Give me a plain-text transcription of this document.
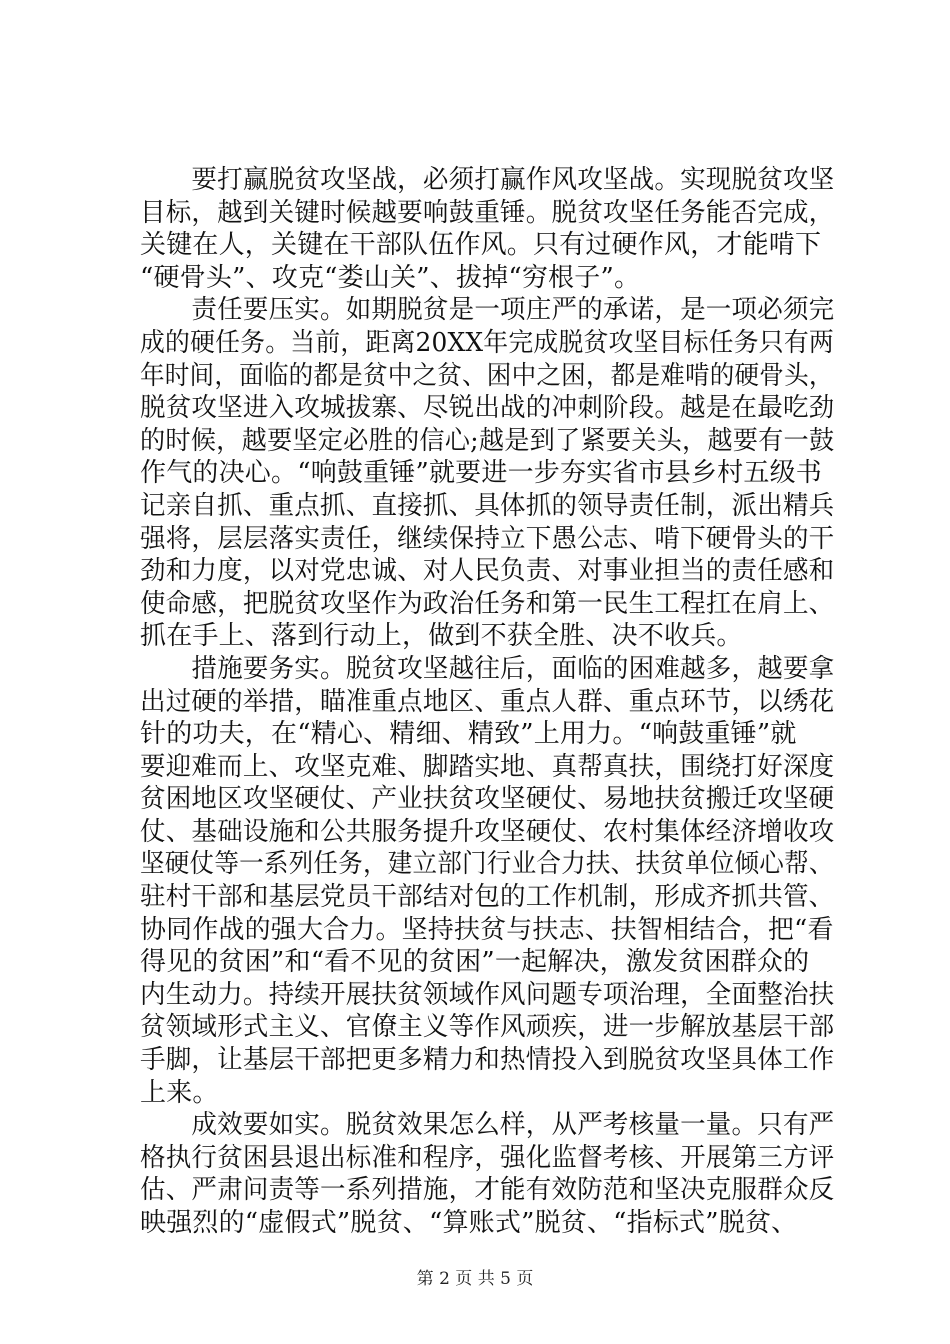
　　要打赢脱贫攻坚战，必须打赢作风攻坚战。实现脱贫攻坚
目标，越到关键时候越要响鼓重锤。脱贫攻坚任务能否完成，
关键在人，关键在干部队伍作风。只有过硬作风，才能啃下
“硬骨头”、攻克“娄山关”、拔掉“穷根子”。
　　责任要压实。如期脱贫是一项庄严的承诺，是一项必须完
成的硬任务。当前，距离20XX年完成脱贫攻坚目标任务只有两
年时间，面临的都是贫中之贫、困中之困，都是难啃的硬骨头，
脱贫攻坚进入攻城拔寨、尽锐出战的冲刺阶段。越是在最吃劲
的时候，越要坚定必胜的信心;越是到了紧要关头，越要有一鼓
作气的决心。“响鼓重锤”就要进一步夯实省市县乡村五级书
记亲自抓、重点抓、直接抓、具体抓的领导责任制，派出精兵
强将，层层落实责任，继续保持立下愚公志、啃下硬骨头的干
劲和力度，以对党忠诚、对人民负责、对事业担当的责任感和
使命感，把脱贫攻坚作为政治任务和第一民生工程扛在肩上、
抓在手上、落到行动上，做到不获全胜、决不收兵。
　　措施要务实。脱贫攻坚越往后，面临的困难越多，越要拿
出过硬的举措，瞄准重点地区、重点人群、重点环节，以绣花
针的功夫，在“精心、精细、精致”上用力。“响鼓重锤”就
要迎难而上、攻坚克难、脚踏实地、真帮真扶，围绕打好深度
贫困地区攻坚硬仗、产业扶贫攻坚硬仗、易地扶贫搬迁攻坚硬
仗、基础设施和公共服务提升攻坚硬仗、农村集体经济增收攻
坚硬仗等一系列任务，建立部门行业合力扶、扶贫单位倾心帮、
驻村干部和基层党员干部结对包的工作机制，形成齐抓共管、
协同作战的强大合力。坚持扶贫与扶志、扶智相结合，把“看
得见的贫困”和“看不见的贫困”一起解决，激发贫困群众的
内生动力。持续开展扶贫领域作风问题专项治理，全面整治扶
贫领域形式主义、官僚主义等作风顽疾，进一步解放基层干部
手脚，让基层干部把更多精力和热情投入到脱贫攻坚具体工作
上来。
　　成效要如实。脱贫效果怎么样，从严考核量一量。只有严
格执行贫困县退出标准和程序，强化监督考核、开展第三方评
估、严肃问责等一系列措施，才能有效防范和坚决克服群众反
映强烈的“虚假式”脱贫、“算账式”脱贫、“指标式”脱贫、
第 2 页 共 5 页
